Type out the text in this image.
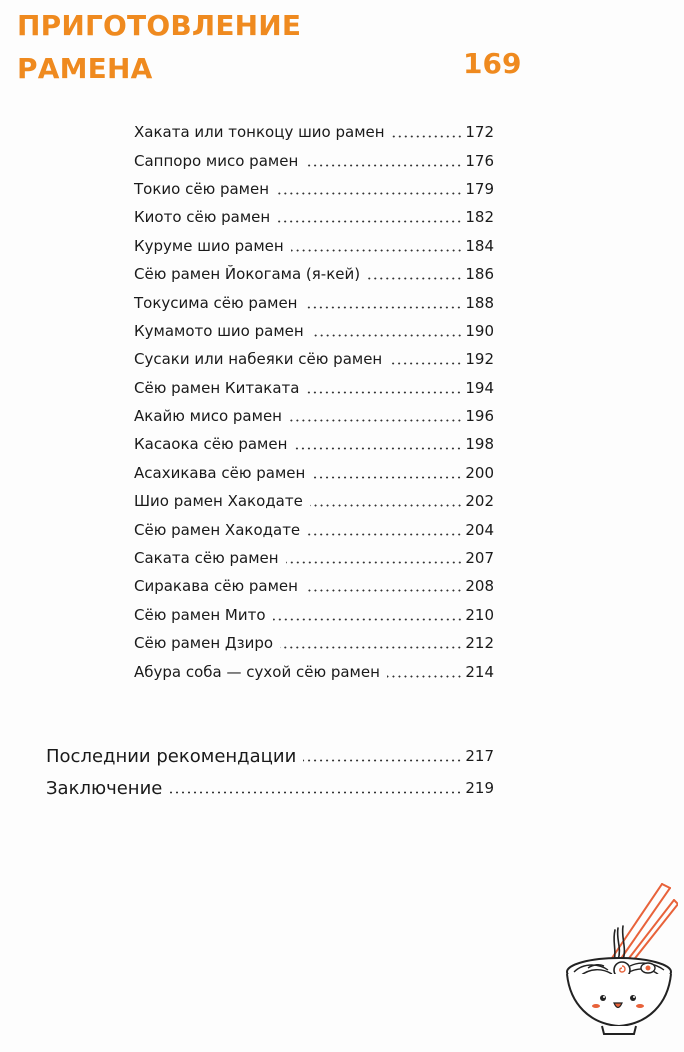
ПРИГОТОВЛЕНИЕ
РАМЕНА	169
Хаката или тонкоцу шио рамен	172
Саппоро мисо рамен	176
Токио сёю рамен	179
Киото сёю рамен	182
Куруме шио рамен	184
Сёю рамен Йокогама (я-кей)	186
Токусима сёю рамен	188
Кумамото шио рамен	190
Сусаки или набеяки сёю рамен	192
Сёю рамен Китаката	194
Акайю мисо рамен	196
Касаока сёю рамен	198
Асахикава сёю рамен	200
Шио рамен Хакодате	202
Сёю рамен Хакодате	204
Саката сёю рамен	207
Сиракава сёю рамен	208
Сёю рамен Мито	210
Сёю рамен Дзиро	212
Абура соба — сухой сёю рамен	214
Последнии рекомендации	217
Заключение	219
